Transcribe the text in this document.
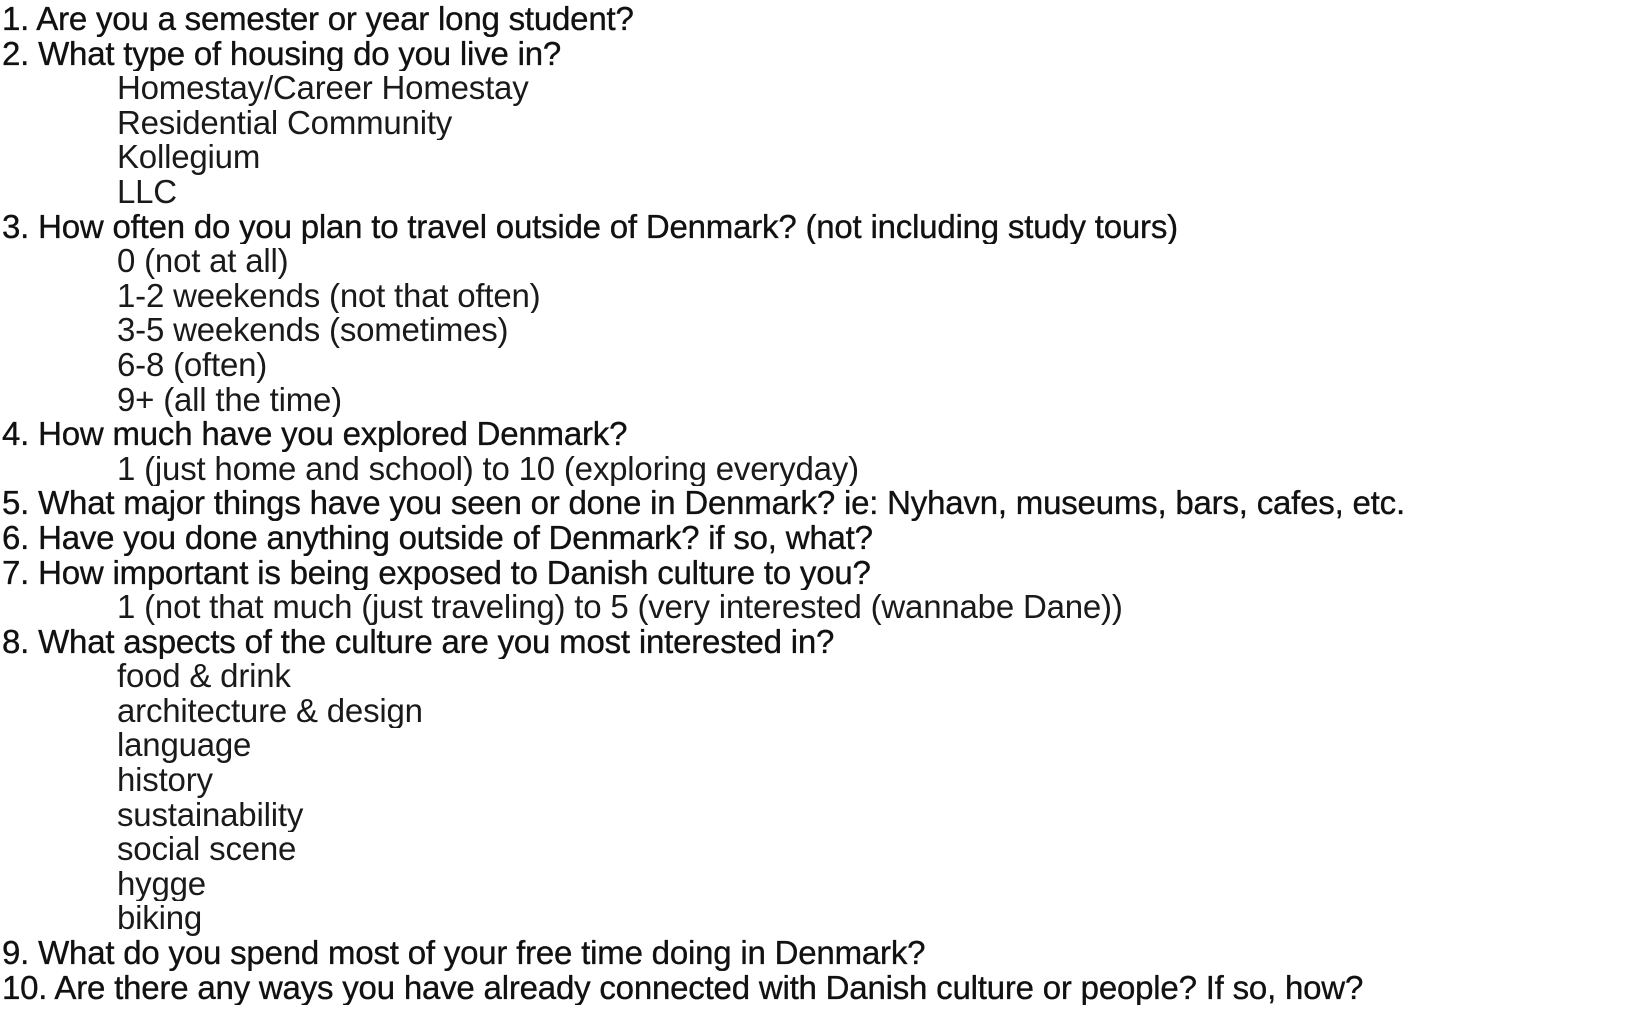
1. Are you a semester or year long student?
2. What type of housing do you live in?
Homestay/Career Homestay
Residential Community
Kollegium
LLC
3. How often do you plan to travel outside of Denmark? (not including study tours)
0 (not at all)
1-2 weekends (not that often)
3-5 weekends (sometimes)
6-8 (often)
9+ (all the time)
4. How much have you explored Denmark?
1 (just home and school) to 10 (exploring everyday)
5. What major things have you seen or done in Denmark? ie: Nyhavn, museums, bars, cafes, etc.
6. Have you done anything outside of Denmark? if so, what?
7. How important is being exposed to Danish culture to you?
1 (not that much (just traveling) to 5 (very interested (wannabe Dane))
8. What aspects of the culture are you most interested in?
food & drink
architecture & design
language
history
sustainability
social scene
hygge
biking
9. What do you spend most of your free time doing in Denmark?
10. Are there any ways you have already connected with Danish culture or people? If so, how?
